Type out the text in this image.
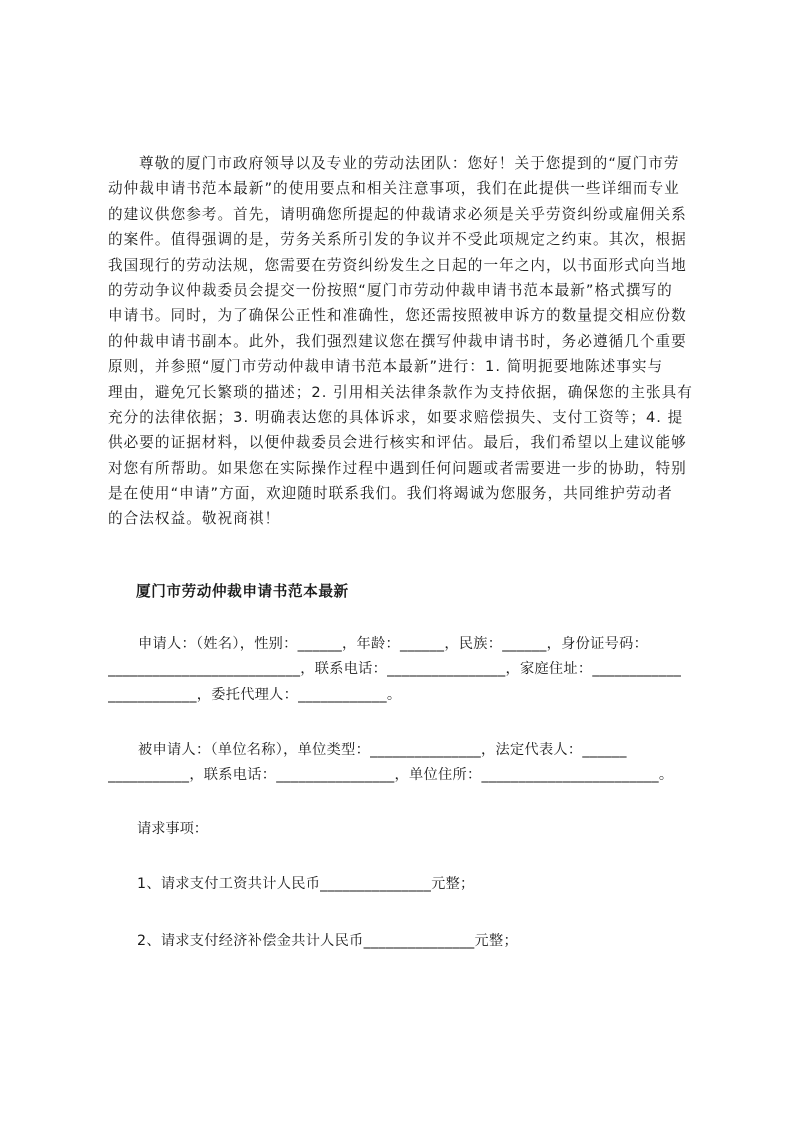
尊敬的厦门市政府领导以及专业的劳动法团队：您好！关于您提到的“厦门市劳
动仲裁申请书范本最新”的使用要点和相关注意事项，我们在此提供一些详细而专业
的建议供您参考。首先，请明确您所提起的仲裁请求必须是关乎劳资纠纷或雇佣关系
的案件。值得强调的是，劳务关系所引发的争议并不受此项规定之约束。其次，根据
我国现行的劳动法规，您需要在劳资纠纷发生之日起的一年之内，以书面形式向当地
的劳动争议仲裁委员会提交一份按照“厦门市劳动仲裁申请书范本最新”格式撰写的
申请书。同时，为了确保公正性和准确性，您还需按照被申诉方的数量提交相应份数
的仲裁申请书副本。此外，我们强烈建议您在撰写仲裁申请书时，务必遵循几个重要
原则，并参照“厦门市劳动仲裁申请书范本最新”进行：1. 简明扼要地陈述事实与
理由，避免冗长繁琐的描述；2. 引用相关法律条款作为支持依据，确保您的主张具有
充分的法律依据；3. 明确表达您的具体诉求，如要求赔偿损失、支付工资等；4. 提
供必要的证据材料，以便仲裁委员会进行核实和评估。最后，我们希望以上建议能够
对您有所帮助。如果您在实际操作过程中遇到任何问题或者需要进一步的协助，特别
是在使用“申请”方面，欢迎随时联系我们。我们将竭诚为您服务，共同维护劳动者
的合法权益。敬祝商祺！
厦门市劳动仲裁申请书范本最新
申请人：（姓名），性别：______，年龄：______，民族：______，身份证号码：
__________________________，联系电话：________________，家庭住址：____________
____________，委托代理人：____________。
被申请人：（单位名称），单位类型：_______________，法定代表人：______
___________，联系电话：________________，单位住所：________________________。
请求事项：
1、请求支付工资共计人民币_______________元整；
2、请求支付经济补偿金共计人民币_______________元整；
